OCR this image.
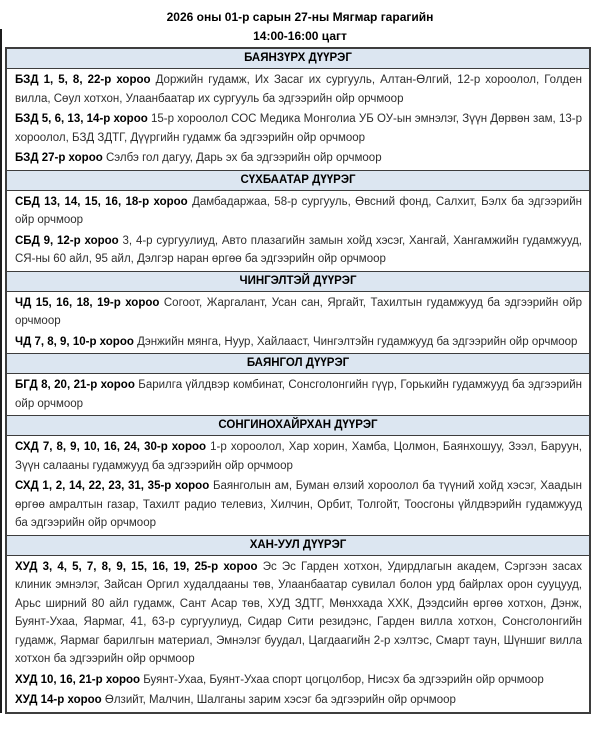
2026 оны 01-р сарын 27-ны Мягмар гарагийн
14:00-16:00 цагт
БАЯНЗҮРХ ДҮҮРЭГ

БЗД 1, 5, 8, 22-р хороо Доржийн гудамж, Их Засаг их сургууль, Алтан-Өлгий, 12-р хороолол, Голден вилла, Сөул хотхон, Улаанбаатар их сургууль ба эдгээрийн ойр орчмоор

БЗД 5, 6, 13, 14-р хороо 15-р хороолол СОС Медика Монголиа УБ ОУ-ын эмнэлэг, Зүүн Дөрвөн зам, 13-р хороолол, БЗД ЗДТГ, Дүүргийн гудамж ба эдгээрийн ойр орчмоор

БЗД 27-р хороо Сэлбэ гол дагуу, Дарь эх ба эдгээрийн ойр орчмоор

СҮХБААТАР ДҮҮРЭГ

СБД 13, 14, 15, 16, 18-р хороо Дамбадаржаа, 58-р сургууль, Өвсний фонд, Салхит, Бэлх ба эдгээрийн ойр орчмоор

СБД 9, 12-р хороо 3, 4-р сургуулиуд, Авто плазагийн замын хойд хэсэг, Хангай, Хангамжийн гудамжууд, СЯ-ны 60 айл, 95 айл, Дэлгэр наран өргөө ба эдгээрийн ойр орчмоор

ЧИНГЭЛТЭЙ ДҮҮРЭГ

ЧД 15, 16, 18, 19-р хороо Согоот, Жаргалант, Усан сан, Яргайт, Тахилтын гудамжууд ба эдгээрийн ойр орчмоор

ЧД 7, 8, 9, 10-р хороо Дэнжийн мянга, Нуур, Хайлааст, Чингэлтэйн гудамжууд ба эдгээрийн ойр орчмоор

БАЯНГОЛ ДҮҮРЭГ

БГД 8, 20, 21-р хороо Барилга үйлдвэр комбинат, Сонсголонгийн гүүр, Горькийн гудамжууд ба эдгээрийн ойр орчмоор

СОНГИНОХАЙРХАН ДҮҮРЭГ

СХД 7, 8, 9, 10, 16, 24, 30-р хороо 1-р хороолол, Хар хорин, Хамба, Цолмон, Баянхошуу, Зээл, Баруун, Зүүн салааны гудамжууд ба эдгээрийн ойр орчмоор

СХД 1, 2, 14, 22, 23, 31, 35-р хороо Баянголын ам, Буман өлзий хороолол ба түүний хойд хэсэг, Хаадын өргөө амралтын газар, Тахилт радио телевиз, Хилчин, Орбит, Толгойт, Тоосгоны үйлдвэрийн гудамжууд ба эдгээрийн ойр орчмоор

ХАН-УУЛ ДҮҮРЭГ

ХУД 3, 4, 5, 7, 8, 9, 15, 16, 19, 25-р хороо Эс Эс Гарден хотхон, Удирдлагын академ, Сэргээн засах клиник эмнэлэг, Зайсан Оргил худалдааны төв, Улаанбаатар сувилал болон урд байрлах орон сууцууд, Арьс ширний 80 айл гудамж, Сант Асар төв, ХУД ЗДТГ, Мөнххада ХХК, Дээдсийн өргөө хотхон, Дэнж, Буянт-Ухаа, Яармаг, 41, 63-р сургуулиуд, Сидар Сити резидэнс, Гарден вилла хотхон, Сонсголонгийн гудамж, Яармаг барилгын материал, Эмнэлэг буудал, Цагдаагийн 2-р хэлтэс, Смарт таун, Шүншиг вилла хотхон ба эдгээрийн ойр орчмоор

ХУД 10, 16, 21-р хороо Буянт-Ухаа, Буянт-Ухаа спорт цогцолбор, Нисэх ба эдгээрийн ойр орчмоор

ХУД 14-р хороо Өлзийт, Малчин, Шалганы зарим хэсэг ба эдгээрийн ойр орчмоор
